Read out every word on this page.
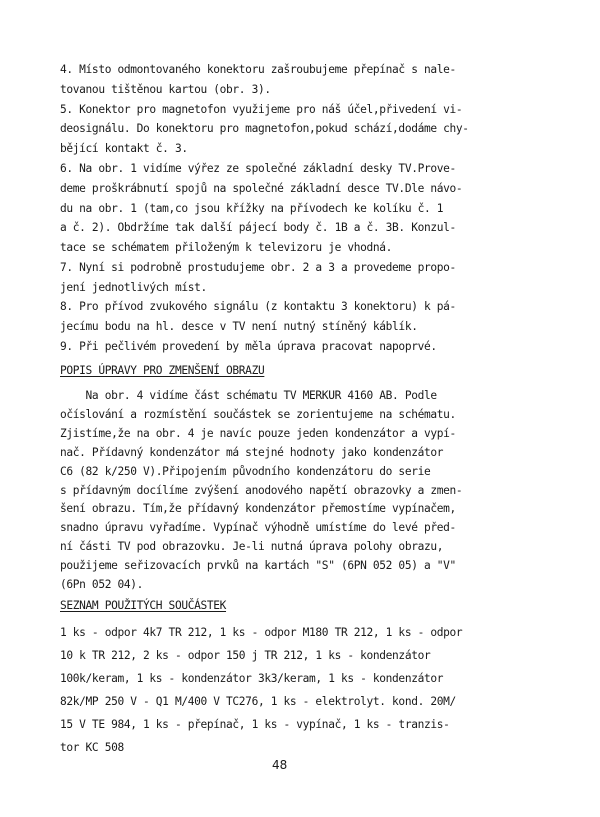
4. Místo odmontovaného konektoru zašroubujeme přepínač s nale-
tovanou tištěnou kartou (obr. 3).
5. Konektor pro magnetofon využijeme pro náš účel,přivedení vi-
deosignálu. Do konektoru pro magnetofon,pokud schází,dodáme chy-
bějící kontakt č. 3.
6. Na obr. 1 vidíme výřez ze společné základní desky TV.Prove-
deme proškrábnutí spojů na společné základní desce TV.Dle návo-
du na obr. 1 (tam,co jsou křížky na přívodech ke kolíku č. 1
a č. 2). Obdržíme tak další pájecí body č. 1B a č. 3B. Konzul-
tace se schématem přiloženým k televizoru je vhodná.
7. Nyní si podrobně prostudujeme obr. 2 a 3 a provedeme propo-
jení jednotlivých míst.
8. Pro přívod zvukového signálu (z kontaktu 3 konektoru) k pá-
jecímu bodu na hl. desce v TV není nutný stíněný káblík.
9. Při pečlivém provedení by měla úprava pracovat napoprvé.
POPIS ÚPRAVY PRO ZMENŠENÍ OBRAZU
Na obr. 4 vidíme část schématu TV MERKUR 4160 AB. Podle
očíslování a rozmístění součástek se zorientujeme na schématu.
Zjistíme,že na obr. 4 je navíc pouze jeden kondenzátor a vypí-
nač. Přídavný kondenzátor má stejné hodnoty jako kondenzátor
C6 (82 k/250 V).Připojením původního kondenzátoru do serie
s přídavným docílíme zvýšení anodového napětí obrazovky a zmen-
šení obrazu. Tím,že přídavný kondenzátor přemostíme vypínačem,
snadno úpravu vyřadíme. Vypínač výhodně umístíme do levé před-
ní části TV pod obrazovku. Je-li nutná úprava polohy obrazu,
použijeme seřizovacích prvků na kartách "S" (6PN 052 05) a "V"
(6Pn 052 04).
SEZNAM POUŽITÝCH SOUČÁSTEK
1 ks - odpor 4k7 TR 212, 1 ks - odpor M180 TR 212, 1 ks - odpor
10 k TR 212, 2 ks - odpor 150 j TR 212, 1 ks - kondenzátor
100k/keram, 1 ks - kondenzátor 3k3/keram, 1 ks - kondenzátor
82k/MP 250 V - Q1 M/400 V TC276, 1 ks - elektrolyt. kond. 20M/
15 V TE 984, 1 ks - přepínač, 1 ks - vypínač, 1 ks - tranzis-
tor KC 508
48
